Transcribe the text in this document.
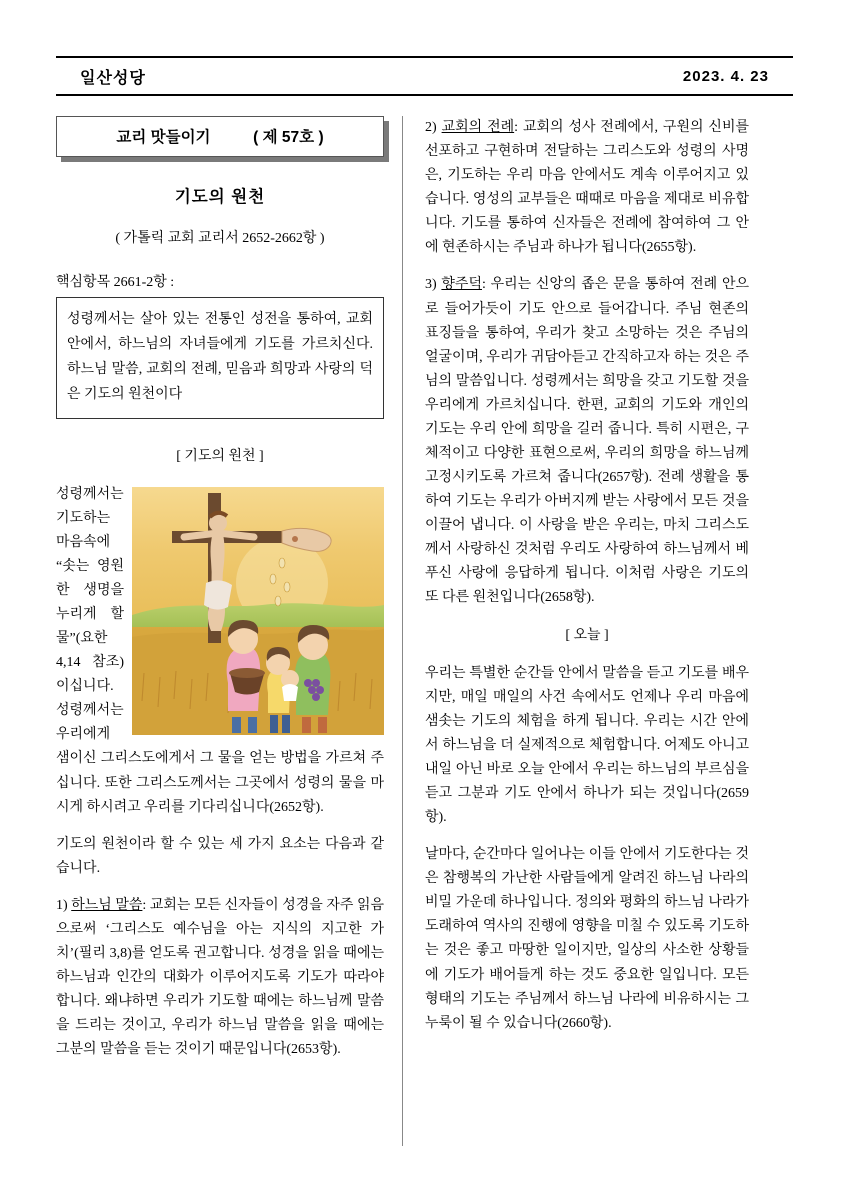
일산성당	2023. 4. 23
교리 맛들이기	( 제 57호 )
기도의 원천
( 가톨릭 교회 교리서 2652-2662항 )
핵심항목 2661-2항 :
성령께서는 살아 있는 전통인 성전을 통하여, 교회 안에서, 하느님의 자녀들에게 기도를 가르치신다. 하느님 말씀, 교회의 전례, 믿음과 희망과 사랑의 덕은 기도의 원천이다
[ 기도의 원천 ]

성령께서는 기도하는 마음속에 “솟는 영원한 생명을 누리게 할 물”(요한 4,14 참조)이십니다. 성령께서는 우리에게 샘이신 그리스도에게서 그 물을 얻는 방법을 가르쳐 주십니다. 또한 그리스도께서는 그곳에서 성령의 물을 마시게 하시려고 우리를 기다리십니다(2652항).

기도의 원천이라 할 수 있는 세 가지 요소는 다음과 같습니다.

1) 하느님 말씀: 교회는 모든 신자들이 성경을 자주 읽음으로써 ‘그리스도 예수님을 아는 지식의 지고한 가치’(필리 3,8)를 얻도록 권고합니다. 성경을 읽을 때에는 하느님과 인간의 대화가 이루어지도록 기도가 따라야 합니다. 왜냐하면 우리가 기도할 때에는 하느님께 말씀을 드리는 것이고, 우리가 하느님 말씀을 읽을 때에는 그분의 말씀을 듣는 것이기 때문입니다(2653항).

2) 교회의 전례: 교회의 성사 전례에서, 구원의 신비를 선포하고 구현하며 전달하는 그리스도와 성령의 사명은, 기도하는 우리 마음 안에서도 계속 이루어지고 있습니다. 영성의 교부들은 때때로 마음을 제대로 비유합니다. 기도를 통하여 신자들은 전례에 참여하여 그 안에 현존하시는 주님과 하나가 됩니다(2655항).

3) 향주덕: 우리는 신앙의 좁은 문을 통하여 전례 안으로 들어가듯이 기도 안으로 들어갑니다. 주님 현존의 표징들을 통하여, 우리가 찾고 소망하는 것은 주님의 얼굴이며, 우리가 귀담아듣고 간직하고자 하는 것은 주님의 말씀입니다. 성령께서는 희망을 갖고 기도할 것을 우리에게 가르치십니다. 한편, 교회의 기도와 개인의 기도는 우리 안에 희망을 길러 줍니다. 특히 시편은, 구체적이고 다양한 표현으로써, 우리의 희망을 하느님께 고정시키도록 가르쳐 줍니다(2657항). 전례 생활을 통하여 기도는 우리가 아버지께 받는 사랑에서 모든 것을 이끌어 냅니다. 이 사랑을 받은 우리는, 마치 그리스도께서 사랑하신 것처럼 우리도 사랑하여 하느님께서 베푸신 사랑에 응답하게 됩니다. 이처럼 사랑은 기도의 또 다른 원천입니다(2658항).

[ 오늘 ]

우리는 특별한 순간들 안에서 말씀을 듣고 기도를 배우지만, 매일 매일의 사건 속에서도 언제나 우리 마음에 샘솟는 기도의 체험을 하게 됩니다. 우리는 시간 안에서 하느님을 더 실제적으로 체험합니다. 어제도 아니고 내일 아닌 바로 오늘 안에서 우리는 하느님의 부르심을 듣고 그분과 기도 안에서 하나가 되는 것입니다(2659항).

날마다, 순간마다 일어나는 이들 안에서 기도한다는 것은 참행복의 가난한 사람들에게 알려진 하느님 나라의 비밀 가운데 하나입니다. 정의와 평화의 하느님 나라가 도래하여 역사의 진행에 영향을 미칠 수 있도록 기도하는 것은 좋고 마땅한 일이지만, 일상의 사소한 상황들에 기도가 배어들게 하는 것도 중요한 일입니다. 모든 형태의 기도는 주님께서 하느님 나라에 비유하시는 그 누룩이 될 수 있습니다(2660항).
